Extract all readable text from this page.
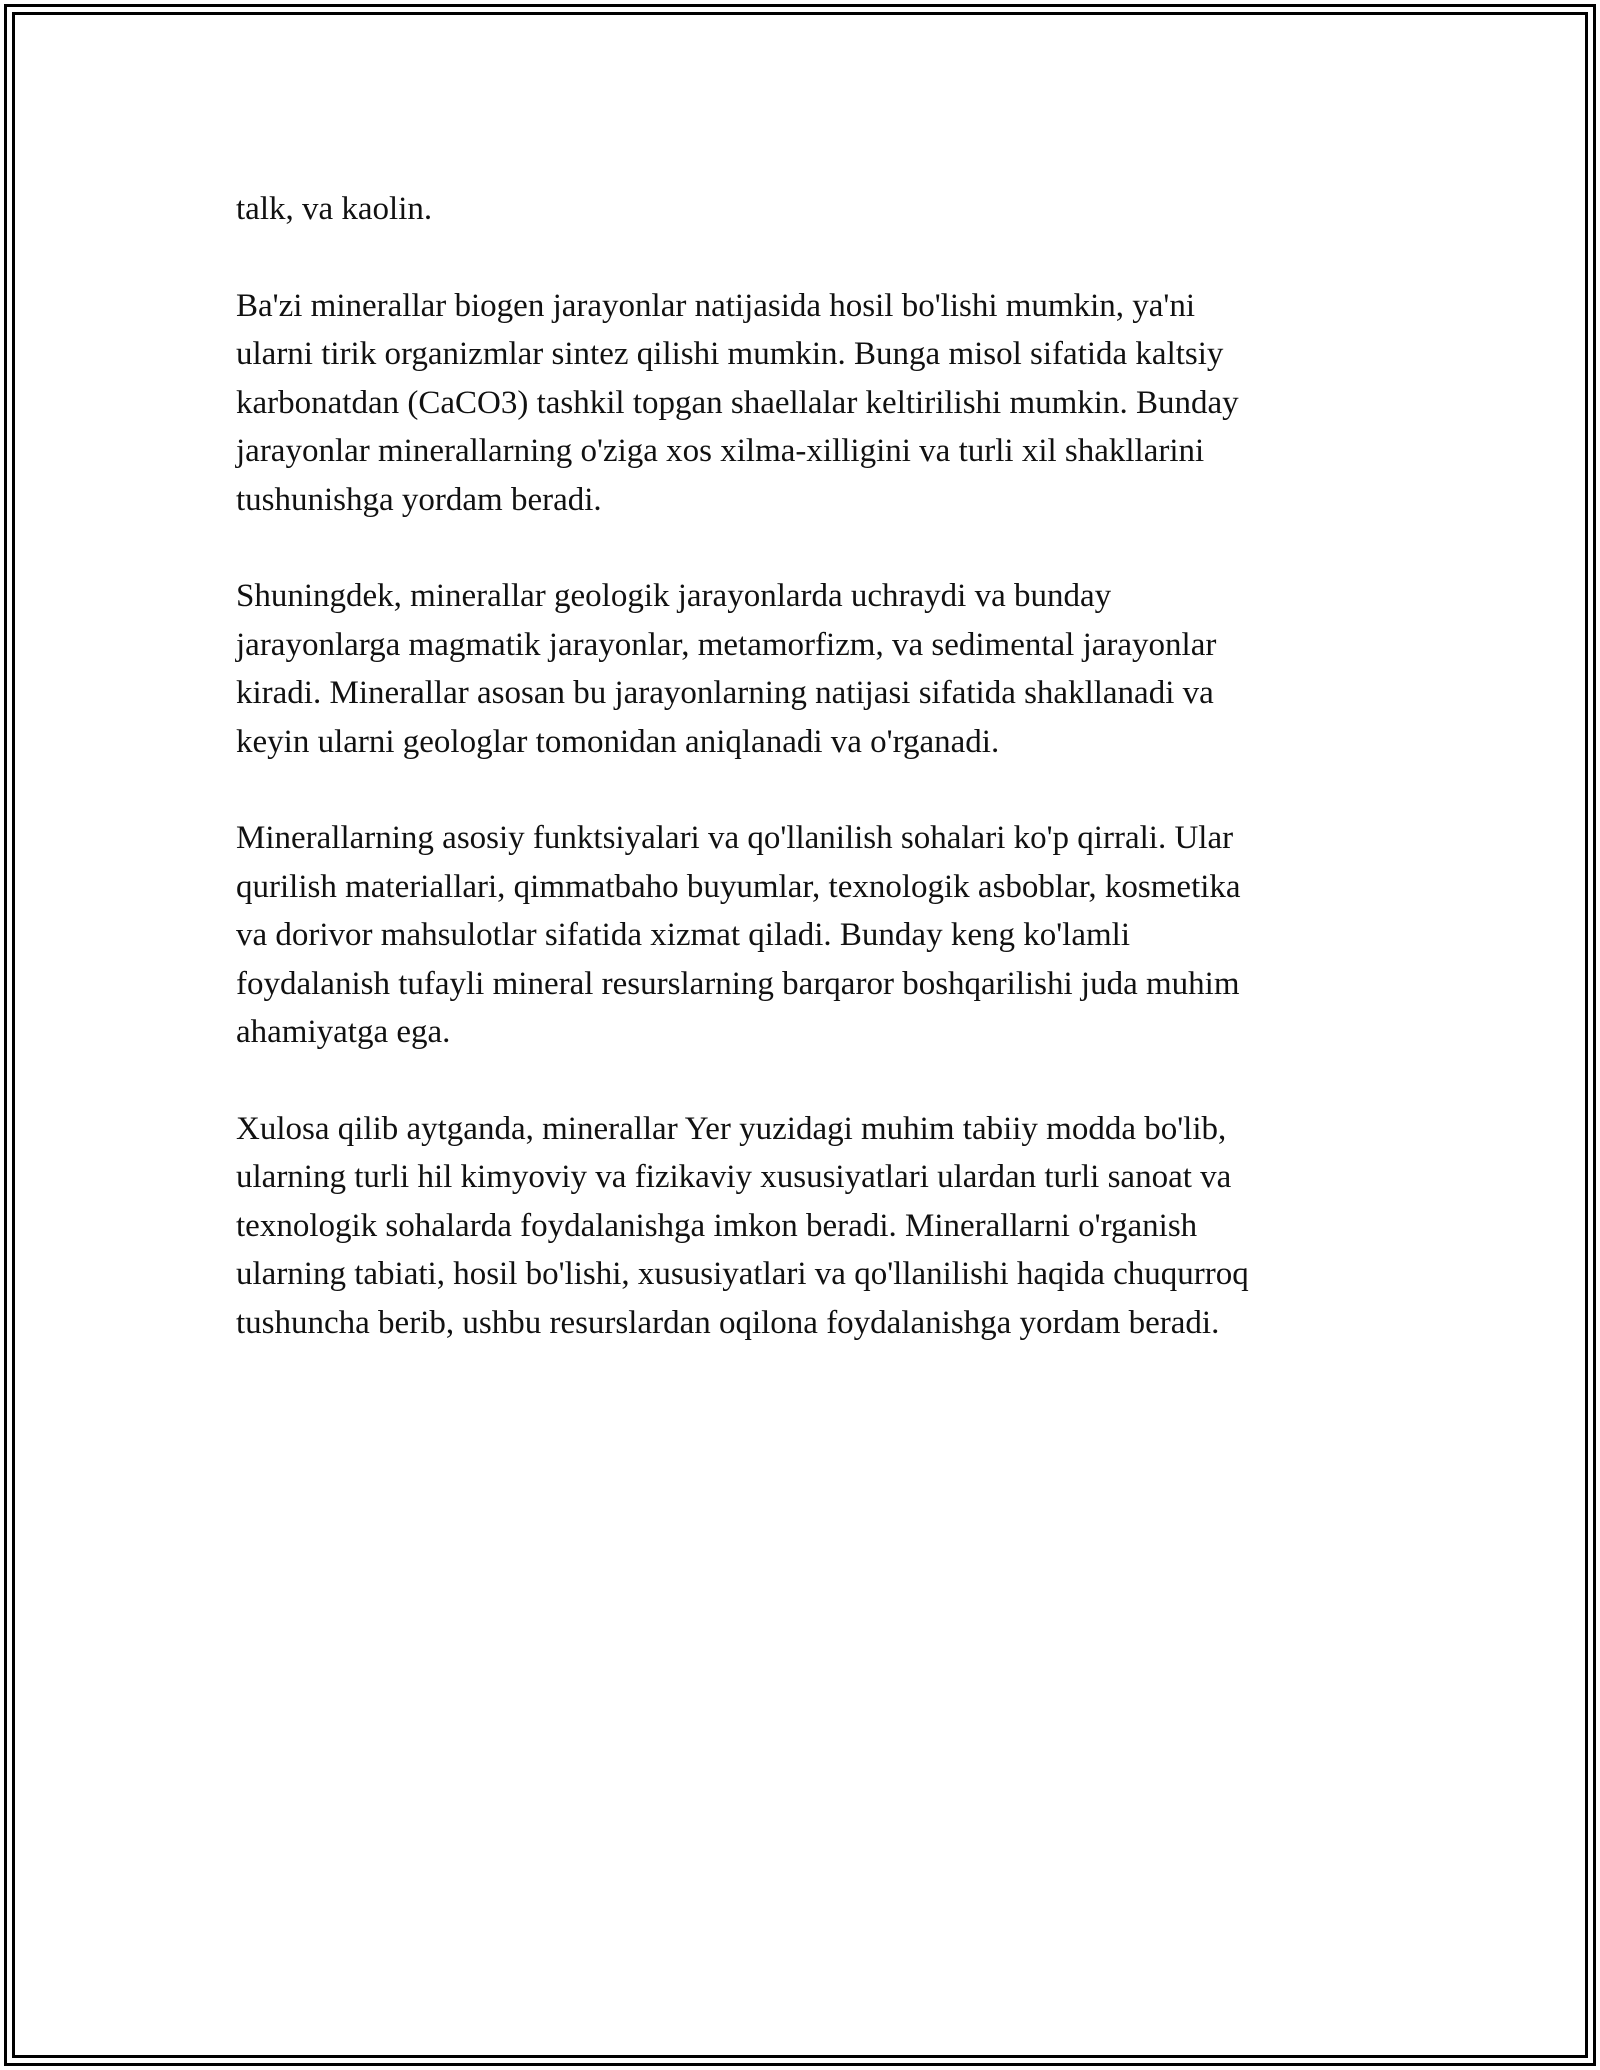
talk, va kaolin.

Ba'zi minerallar biogen jarayonlar natijasida hosil bo'lishi mumkin, ya'ni
ularni tirik organizmlar sintez qilishi mumkin. Bunga misol sifatida kaltsiy
karbonatdan (CaCO3) tashkil topgan shaellalar keltirilishi mumkin. Bunday
jarayonlar minerallarning o'ziga xos xilma-xilligini va turli xil shakllarini
tushunishga yordam beradi.

Shuningdek, minerallar geologik jarayonlarda uchraydi va bunday
jarayonlarga magmatik jarayonlar, metamorfizm, va sedimental jarayonlar
kiradi. Minerallar asosan bu jarayonlarning natijasi sifatida shakllanadi va
keyin ularni geologlar tomonidan aniqlanadi va o'rganadi.

Minerallarning asosiy funktsiyalari va qo'llanilish sohalari ko'p qirrali. Ular
qurilish materiallari, qimmatbaho buyumlar, texnologik asboblar, kosmetika
va dorivor mahsulotlar sifatida xizmat qiladi. Bunday keng ko'lamli
foydalanish tufayli mineral resurslarning barqaror boshqarilishi juda muhim
ahamiyatga ega.

Xulosa qilib aytganda, minerallar Yer yuzidagi muhim tabiiy modda bo'lib,
ularning turli hil kimyoviy va fizikaviy xususiyatlari ulardan turli sanoat va
texnologik sohalarda foydalanishga imkon beradi. Minerallarni o'rganish
ularning tabiati, hosil bo'lishi, xususiyatlari va qo'llanilishi haqida chuqurroq
tushuncha berib, ushbu resurslardan oqilona foydalanishga yordam beradi.
